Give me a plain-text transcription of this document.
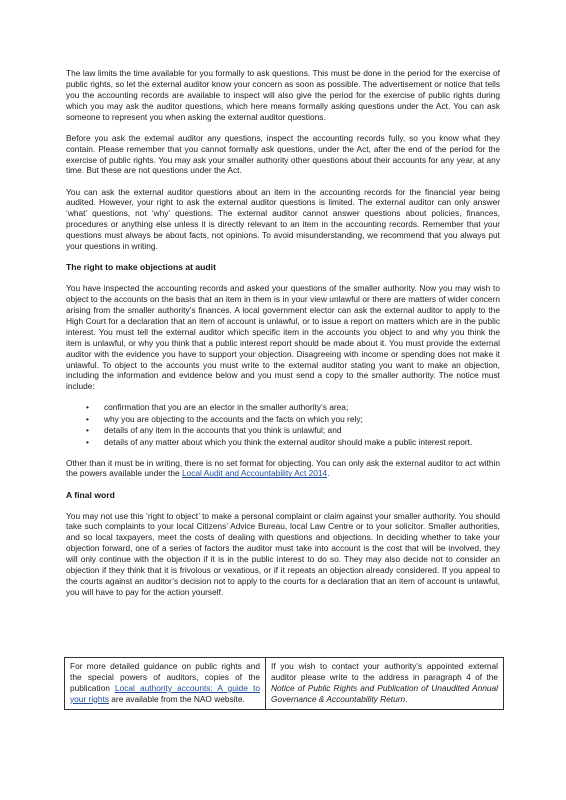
The law limits the time available for you formally to ask questions. This must be done in the period for the exercise of public rights, so let the external auditor know your concern as soon as possible. The advertisement or notice that tells you the accounting records are available to inspect will also give the period for the exercise of public rights during which you may ask the auditor questions, which here means formally asking questions under the Act. You can ask someone to represent you when asking the external auditor questions.

Before you ask the external auditor any questions, inspect the accounting records fully, so you know what they contain. Please remember that you cannot formally ask questions, under the Act, after the end of the period for the exercise of public rights. You may ask your smaller authority other questions about their accounts for any year, at any time. But these are not questions under the Act.

You can ask the external auditor questions about an item in the accounting records for the financial year being audited. However, your right to ask the external auditor questions is limited. The external auditor can only answer ‘what’ questions, not ‘why’ questions. The external auditor cannot answer questions about policies, finances, procedures or anything else unless it is directly relevant to an item in the accounting records. Remember that your questions must always be about facts, not opinions. To avoid misunderstanding, we recommend that you always put your questions in writing.

The right to make objections at audit

You have inspected the accounting records and asked your questions of the smaller authority. Now you may wish to object to the accounts on the basis that an item in them is in your view unlawful or there are matters of wider concern arising from the smaller authority’s finances. A local government elector can ask the external auditor to apply to the High Court for a declaration that an item of account is unlawful, or to issue a report on matters which are in the public interest. You must tell the external auditor which specific item in the accounts you object to and why you think the item is unlawful, or why you think that a public interest report should be made about it. You must provide the external auditor with the evidence you have to support your objection. Disagreeing with income or spending does not make it unlawful. To object to the accounts you must write to the external auditor stating you want to make an objection, including the information and evidence below and you must send a copy to the smaller authority. The notice must include:

• confirmation that you are an elector in the smaller authority’s area;
• why you are objecting to the accounts and the facts on which you rely;
• details of any item in the accounts that you think is unlawful; and
• details of any matter about which you think the external auditor should make a public interest report.

Other than it must be in writing, there is no set format for objecting. You can only ask the external auditor to act within the powers available under the Local Audit and Accountability Act 2014.

A final word

You may not use this ‘right to object’ to make a personal complaint or claim against your smaller authority. You should take such complaints to your local Citizens’ Advice Bureau, local Law Centre or to your solicitor. Smaller authorities, and so local taxpayers, meet the costs of dealing with questions and objections. In deciding whether to take your objection forward, one of a series of factors the auditor must take into account is the cost that will be involved, they will only continue with the objection if it is in the public interest to do so. They may also decide not to consider an objection if they think that it is frivolous or vexatious, or if it repeats an objection already considered. If you appeal to the courts against an auditor’s decision not to apply to the courts for a declaration that an item of account is unlawful, you will have to pay for the action yourself.

For more detailed guidance on public rights and the special powers of auditors, copies of the publication Local authority accounts: A guide to your rights are available from the NAO website.
If you wish to contact your authority’s appointed external auditor please write to the address in paragraph 4 of the Notice of Public Rights and Publication of Unaudited Annual Governance & Accountability Return.
